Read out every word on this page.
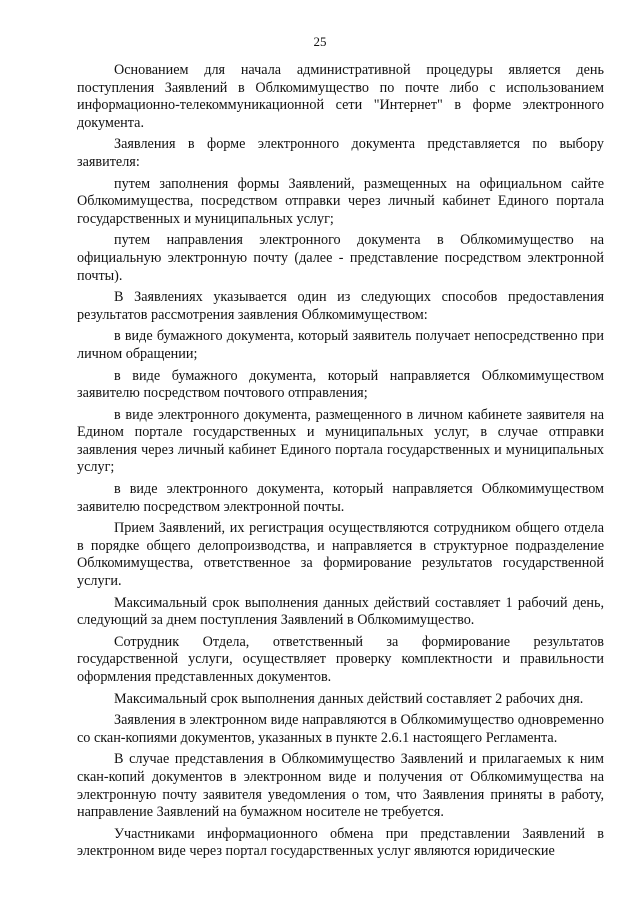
25

Основанием для начала административной процедуры является день поступления Заявлений в Облкомимущество по почте либо с использованием информационно-телекоммуникационной сети "Интернет" в форме электронного документа.

Заявления в форме электронного документа представляется по выбору заявителя:

путем заполнения формы Заявлений, размещенных на официальном сайте Облкомимущества, посредством отправки через личный кабинет Единого портала государственных и муниципальных услуг;

путем направления электронного документа в Облкомимущество на официальную электронную почту (далее - представление посредством электронной почты).

В Заявлениях указывается один из следующих способов предоставления результатов рассмотрения заявления Облкомимуществом:

в виде бумажного документа, который заявитель получает непосредственно при личном обращении;

в виде бумажного документа, который направляется Облкомимуществом заявителю посредством почтового отправления;

в виде электронного документа, размещенного в личном кабинете заявителя на Едином портале государственных и муниципальных услуг, в случае отправки заявления через личный кабинет Единого портала государственных и муниципальных услуг;

в виде электронного документа, который направляется Облкомимуществом заявителю посредством электронной почты.

Прием Заявлений, их регистрация осуществляются сотрудником общего отдела в порядке общего делопроизводства, и направляется в структурное подразделение Облкомимущества, ответственное за формирование результатов государственной услуги.

Максимальный срок выполнения данных действий составляет 1 рабочий день, следующий за днем поступления Заявлений в Облкомимущество.

Сотрудник Отдела, ответственный за формирование результатов государственной услуги, осуществляет проверку комплектности и правильности оформления представленных документов.

Максимальный срок выполнения данных действий составляет 2 рабочих дня.

Заявления в электронном виде направляются в Облкомимущество одновременно со скан-копиями документов, указанных в пункте 2.6.1 настоящего Регламента.

В случае представления в Облкомимущество Заявлений и прилагаемых к ним скан-копий документов в электронном виде и получения от Облкомимущества на электронную почту заявителя уведомления о том, что Заявления приняты в работу, направление Заявлений на бумажном носителе не требуется.

Участниками информационного обмена при представлении Заявлений в электронном виде через портал государственных услуг являются юридические
